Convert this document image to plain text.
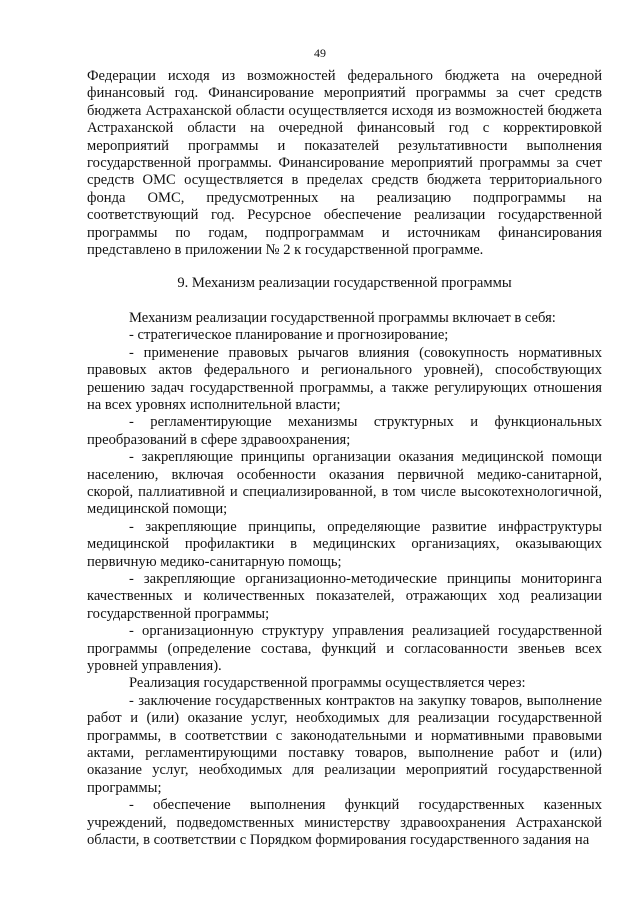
49

Федерации исходя из возможностей федерального бюджета на очередной финансовый год. Финансирование мероприятий программы за счет средств бюджета Астраханской области осуществляется исходя из возможностей бюджета Астраханской области на очередной финансовый год с корректировкой мероприятий программы и показателей результативности выполнения государственной программы. Финансирование мероприятий программы за счет средств ОМС осуществляется в пределах средств бюджета территориального фонда ОМС, предусмотренных на реализацию подпрограммы на соответствующий год. Ресурсное обеспечение реализации государственной программы по годам, подпрограммам и источникам финансирования представлено в приложении № 2 к государственной программе.

9. Механизм реализации государственной программы

Механизм реализации государственной программы включает в себя:

- стратегическое планирование и прогнозирование;

- применение правовых рычагов влияния (совокупность нормативных правовых актов федерального и регионального уровней), способствующих решению задач государственной программы, а также регулирующих отношения на всех уровнях исполнительной власти;

- регламентирующие механизмы структурных и функциональных преобразований в сфере здравоохранения;

- закрепляющие принципы организации оказания медицинской помощи населению, включая особенности оказания первичной медико-санитарной, скорой, паллиативной и специализированной, в том числе высокотехнологичной, медицинской помощи;

- закрепляющие принципы, определяющие развитие инфраструктуры медицинской профилактики в медицинских организациях, оказывающих первичную медико-санитарную помощь;

- закрепляющие организационно-методические принципы мониторинга качественных и количественных показателей, отражающих ход реализации государственной программы;

- организационную структуру управления реализацией государственной программы (определение состава, функций и согласованности звеньев всех уровней управления).

Реализация государственной программы осуществляется через:

- заключение государственных контрактов на закупку товаров, выполнение работ и (или) оказание услуг, необходимых для реализации государственной программы, в соответствии с законодательными и нормативными правовыми актами, регламентирующими поставку товаров, выполнение работ и (или) оказание услуг, необходимых для реализации мероприятий государственной программы;

- обеспечение выполнения функций государственных казенных учреждений, подведомственных министерству здравоохранения Астраханской области, в соответствии с Порядком формирования государственного задания на
